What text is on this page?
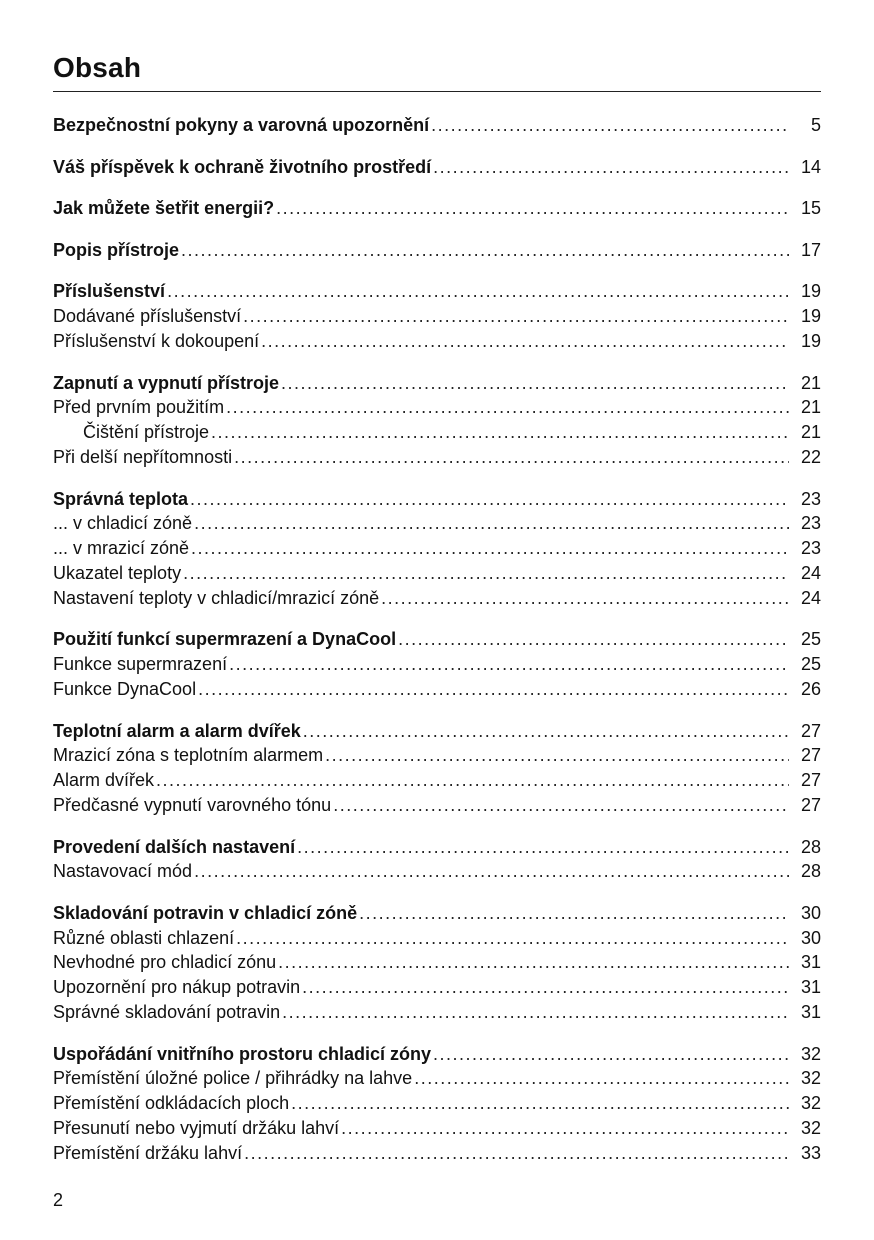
Obsah
Bezpečnostní pokyny a varovná upozornění .....	5
Váš příspěvek k ochraně životního prostředí .....	14
Jak můžete šetřit energii? .....	15
Popis přístroje .....	17
Příslušenství .....	19
Dodávané příslušenství .....	19
Příslušenství k dokoupení .....	19
Zapnutí a vypnutí přístroje .....	21
Před prvním použitím .....	21
Čištění přístroje .....	21
Při delší nepřítomnosti .....	22
Správná teplota .....	23
... v chladicí zóně .....	23
... v mrazicí zóně .....	23
Ukazatel teploty .....	24
Nastavení teploty v chladicí/mrazicí zóně .....	24
Použití funkcí supermrazení a DynaCool .....	25
Funkce supermrazení .....	25
Funkce DynaCool .....	26
Teplotní alarm a alarm dvířek .....	27
Mrazicí zóna s teplotním alarmem .....	27
Alarm dvířek .....	27
Předčasné vypnutí varovného tónu .....	27
Provedení dalších nastavení .....	28
Nastavovací mód .....	28
Skladování potravin v chladicí zóně .....	30
Různé oblasti chlazení .....	30
Nevhodné pro chladicí zónu .....	31
Upozornění pro nákup potravin .....	31
Správné skladování potravin .....	31
Uspořádání vnitřního prostoru chladicí zóny .....	32
Přemístění úložné police / přihrádky na lahve .....	32
Přemístění odkládacích ploch .....	32
Přesunutí nebo vyjmutí držáku lahví .....	32
Přemístění držáku lahví .....	33

2
